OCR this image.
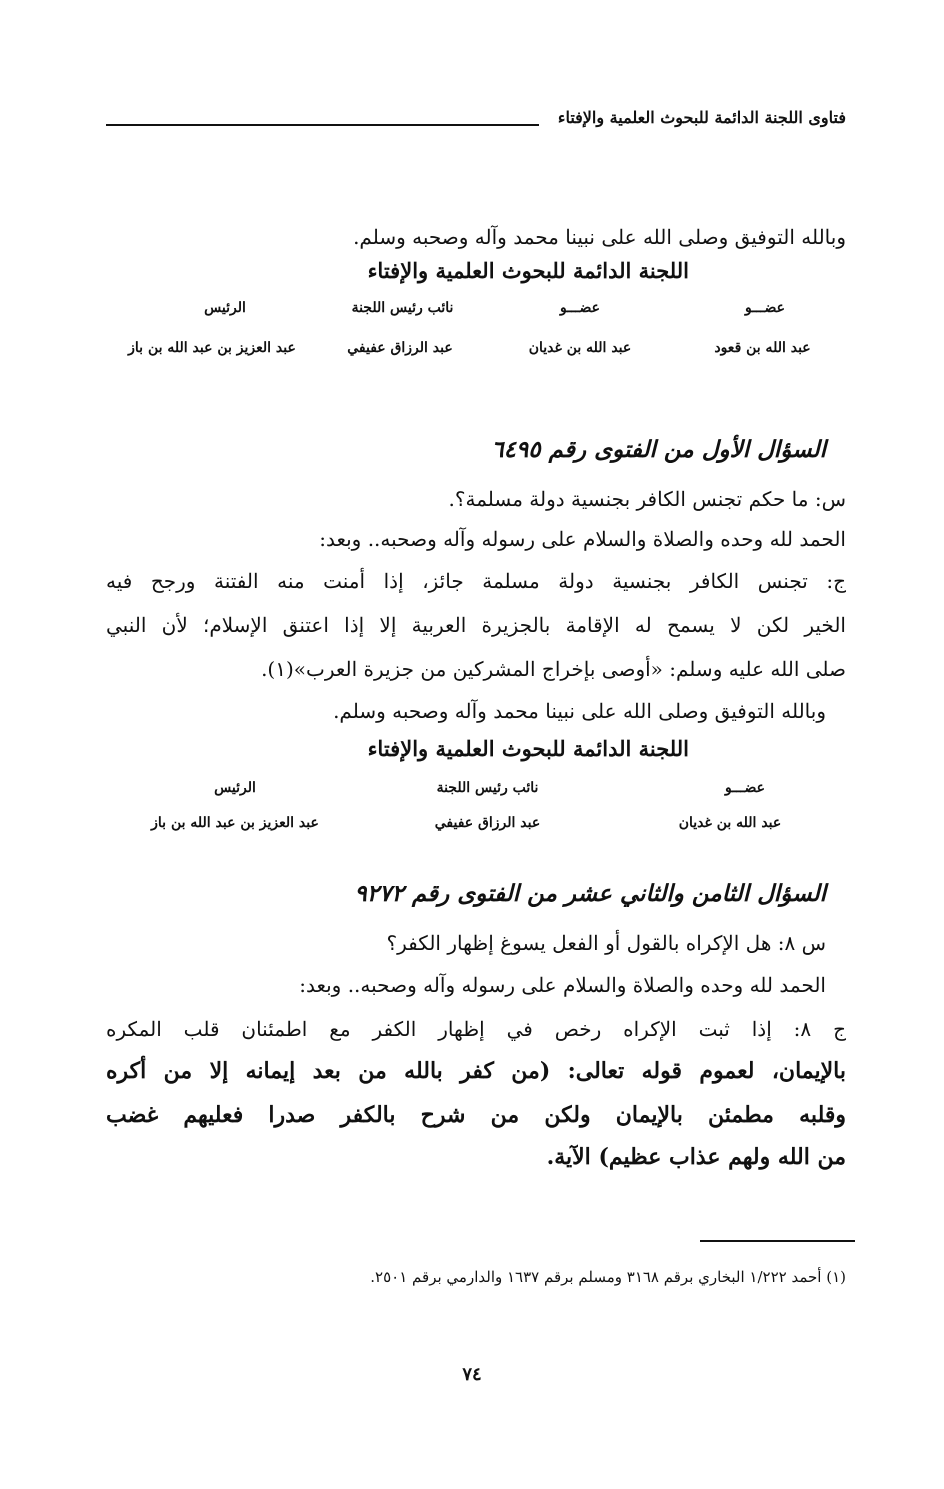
فتاوى اللجنة الدائمة للبحوث العلمية والإفتاء
وبالله التوفيق وصلى الله على نبينا محمد وآله وصحبه وسلم.
اللجنة الدائمة للبحوث العلمية والإفتاء
عضـــو
عبد الله بن قعود
عضـــو
عبد الله بن غديان
نائب رئيس اللجنة
عبد الرزاق عفيفي
الرئيس
عبد العزيز بن عبد الله بن باز
السؤال الأول من الفتوى رقم ٦٤٩٥
س: ما حكم تجنس الكافر بجنسية دولة مسلمة؟.
الحمد لله وحده والصلاة والسلام على رسوله وآله وصحبه.. وبعد:
ج: تجنس الكافر بجنسية دولة مسلمة جائز، إذا أمنت منه الفتنة ورجح فيه
الخير لكن لا يسمح له الإقامة بالجزيرة العربية إلا إذا اعتنق الإسلام؛ لأن النبي
صلى الله عليه وسلم: «أوصى بإخراج المشركين من جزيرة العرب»(١).
وبالله التوفيق وصلى الله على نبينا محمد وآله وصحبه وسلم.
اللجنة الدائمة للبحوث العلمية والإفتاء
عضـــو
عبد الله بن غديان
نائب رئيس اللجنة
عبد الرزاق عفيفي
الرئيس
عبد العزيز بن عبد الله بن باز
السؤال الثامن والثاني عشر من الفتوى رقم ٩٢٧٢
س ٨: هل الإكراه بالقول أو الفعل يسوغ إظهار الكفر؟
الحمد لله وحده والصلاة والسلام على رسوله وآله وصحبه.. وبعد:
ج ٨: إذا ثبت الإكراه رخص في إظهار الكفر مع اطمئنان قلب المكره
بالإيمان، لعموم قوله تعالى: (من كفر بالله من بعد إيمانه إلا من أكره
وقلبه مطمئن بالإيمان ولكن من شرح بالكفر صدرا فعليهم غضب
من الله ولهم عذاب عظيم) الآية.
(١) أحمد ١/٢٢٢ البخاري برقم ٣١٦٨ ومسلم برقم ١٦٣٧ والدارمي برقم ٢٥٠١.
٧٤
